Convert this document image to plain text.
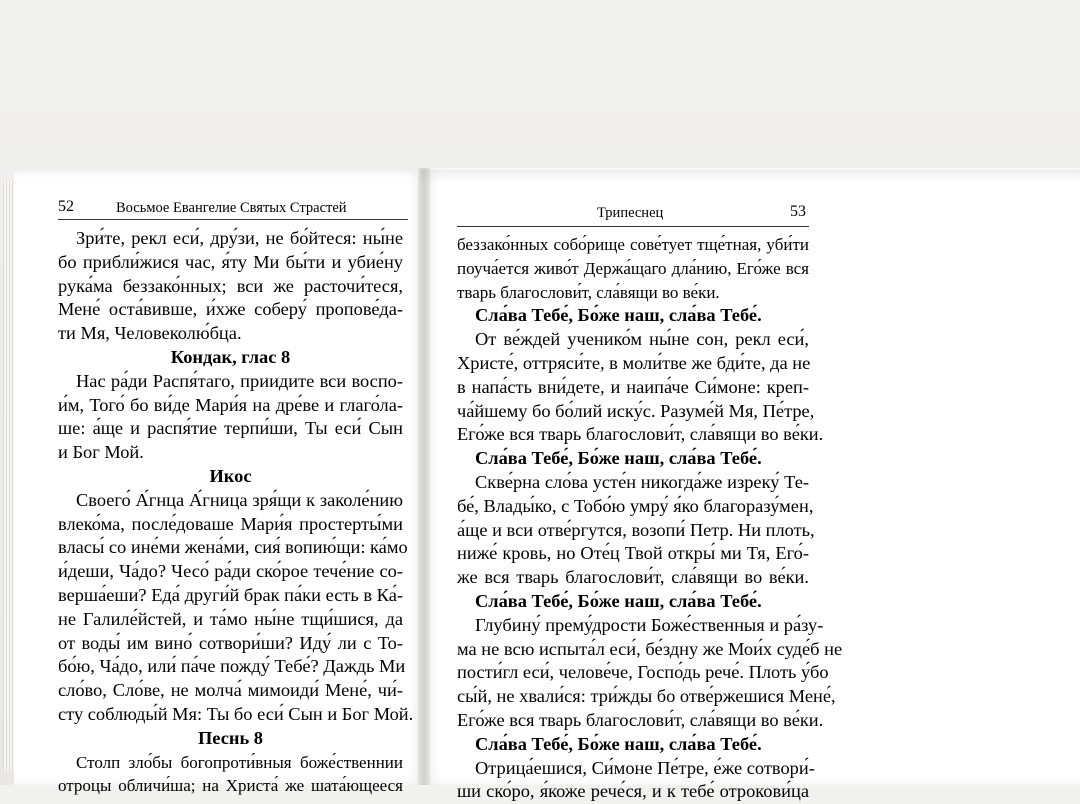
52	Восьмое Евангелие Святых Страстей	Трипеснец	53
Зри́те, рекл еси́, дру́зи, не бо́йтеся: ны́не
бо прибли́жися час, я́ту Ми бы́ти и убие́ну
рука́ма беззако́нных; вси же расточи́теся,
Мене́ оста́вивше, и́хже соберу́ пропове́да-
ти Мя, Человеколю́бца.
Кондак, глас 8
Нас ра́ди Распя́таго, приидите вси воспо-
и́м, Того́ бо ви́де Мари́я на дре́ве и глаго́ла-
ше: а́ще и распя́тие терпи́ши, Ты еси́ Сын
и Бог Мой.
Икос
Своего́ А́гнца А́гница зря́щи к заколе́нию
влеко́ма, после́доваше Мари́я простерты́ми
власы́ со ине́ми жена́ми, сия́ вопию́щи: ка́мо
и́деши, Ча́до? Чесо́ ра́ди ско́рое тече́ние со-
верша́еши? Еда́ други́й брак па́ки есть в Ка́-
не Галиле́йстей, и та́мо ны́не тщи́шися, да
от воды́ им вино́ сотвори́ши? Иду́ ли с То-
бо́ю, Ча́до, или́ па́че пожду́ Тебе́? Даждь Ми
сло́во, Сло́ве, не молча́ мимоиди́ Мене́, чи́-
сту соблюды́й Мя: Ты бо еси́ Сын и Бог Мой.
Песнь 8
Столп зло́бы богопроти́вныя боже́ственнии
отроцы обличи́ша; на Христа́ же шата́ющееся
беззако́нных собо́рище сове́тует тще́тная, уби́ти
поуча́ется живо́т Держа́щаго дла́нию, Его́же вся
тварь благослови́т, сла́вящи во ве́ки.
Сла́ва Тебе́, Бо́же наш, сла́ва Тебе́.
От ве́ждей ученико́м ны́не сон, рекл еси́,
Христе́, оттряси́те, в моли́тве же бди́те, да не
в напа́сть вни́дете, и наипа́че Си́моне: креп-
ча́йшему бо бо́лий иску́с. Разуме́й Мя, Пе́тре,
Его́же вся тварь благослови́т, сла́вящи во ве́ки.
Сла́ва Тебе́, Бо́же наш, сла́ва Тебе́.
Скве́рна сло́ва усте́н никогда́же изреку́ Те-
бе́, Влады́ко, с Тобо́ю умру́ я́ко благоразу́мен,
а́ще и вси отве́ргутся, возопи́ Петр. Ни плоть,
ниже́ кровь, но Оте́ц Твой откры́ ми Тя, Его́-
же вся тварь благослови́т, сла́вящи во ве́ки.
Сла́ва Тебе́, Бо́же наш, сла́ва Тебе́.
Глубину́ прему́дрости Боже́ственныя и ра́зу-
ма не всю испыта́л еси́, бе́здну же Мои́х суде́б не
пости́гл еси́, челове́че, Госпо́дь рече́. Плоть у́бо
сы́й, не хвали́ся: три́жды бо отве́ржешися Мене́,
Его́же вся тварь благослови́т, сла́вящи во ве́ки.
Сла́ва Тебе́, Бо́же наш, сла́ва Тебе́.
Отрица́ешися, Си́моне Пе́тре, е́же сотвори́-
ши ско́ро, я́коже рече́ся, и к тебе́ отрокови́ца
